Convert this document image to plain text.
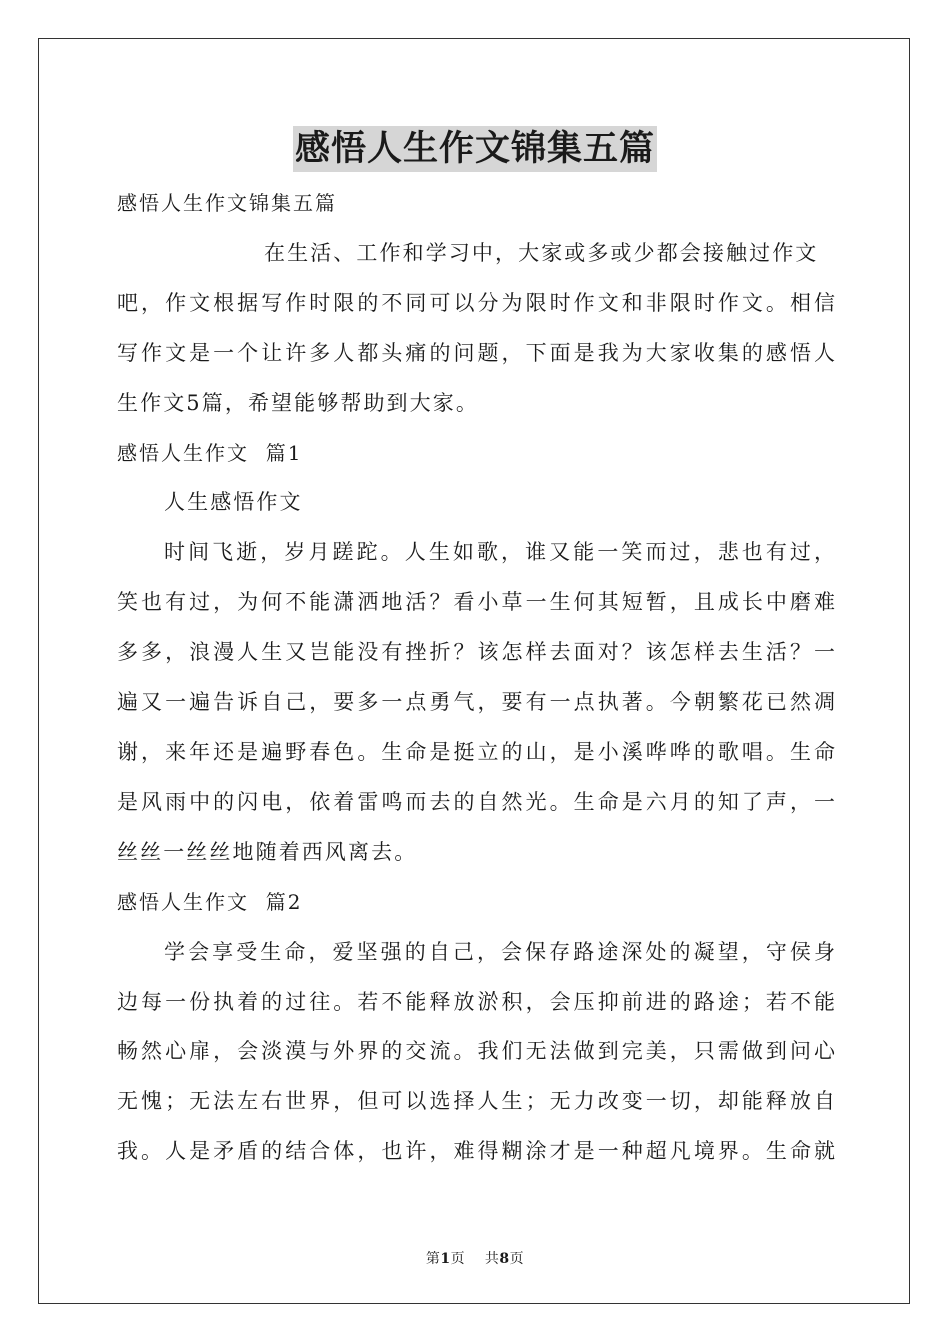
感悟人生作文锦集五篇
感悟人生作文锦集五篇
在生活、工作和学习中，大家或多或少都会接触过作文
吧，作文根据写作时限的不同可以分为限时作文和非限时作文。相信
写作文是一个让许多人都头痛的问题，下面是我为大家收集的感悟人
生作文5篇，希望能够帮助到大家。
感悟人生作文  篇1
人生感悟作文
时间飞逝，岁月蹉跎。人生如歌，谁又能一笑而过，悲也有过，
笑也有过，为何不能潇洒地活？看小草一生何其短暂，且成长中磨难
多多，浪漫人生又岂能没有挫折？该怎样去面对？该怎样去生活？一
遍又一遍告诉自己，要多一点勇气，要有一点执著。今朝繁花已然凋
谢，来年还是遍野春色。生命是挺立的山，是小溪哗哗的歌唱。生命
是风雨中的闪电，依着雷鸣而去的自然光。生命是六月的知了声，一
丝丝一丝丝地随着西风离去。
感悟人生作文  篇2
学会享受生命，爱坚强的自己，会保存路途深处的凝望，守侯身
边每一份执着的过往。若不能释放淤积，会压抑前进的路途；若不能
畅然心扉，会淡漠与外界的交流。我们无法做到完美，只需做到问心
无愧；无法左右世界，但可以选择人生；无力改变一切，却能释放自
我。人是矛盾的结合体，也许，难得糊涂才是一种超凡境界。生命就
第1页    共8页
